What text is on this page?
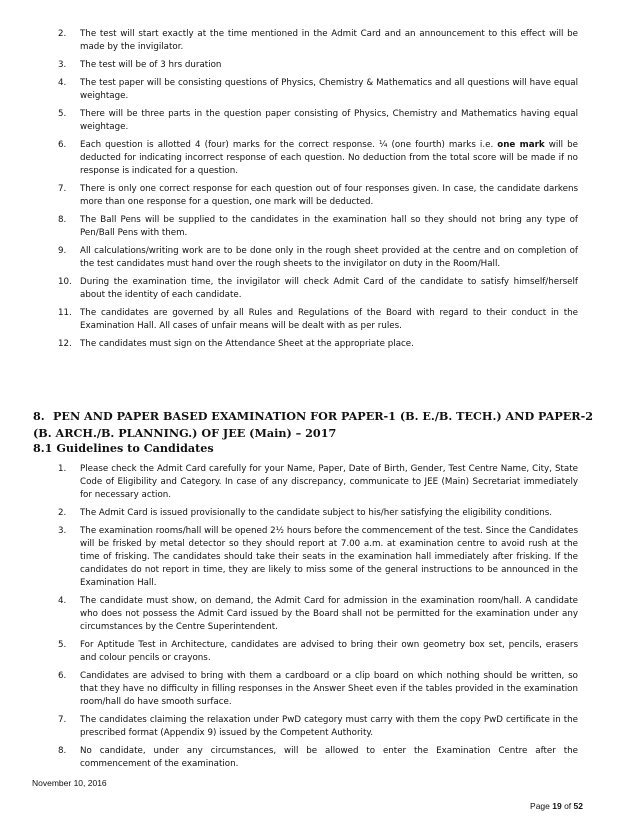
2.	The test will start exactly at the time mentioned in the Admit Card and an announcement to this effect will be made by the invigilator.
3.	The test will be of 3 hrs duration
4.	The test paper will be consisting questions of Physics, Chemistry & Mathematics and all questions will have equal weightage.
5.	There will be three parts in the question paper consisting of Physics, Chemistry and Mathematics having equal weightage.
6.	Each question is allotted 4 (four) marks for the correct response. ¼ (one fourth) marks i.e. one mark will be deducted for indicating incorrect response of each question. No deduction from the total score will be made if no response is indicated for a question.
7.	There is only one correct response for each question out of four responses given. In case, the candidate darkens more than one response for a question, one mark will be deducted.
8.	The Ball Pens will be supplied to the candidates in the examination hall so they should not bring any type of Pen/Ball Pens with them.
9.	All calculations/writing work are to be done only in the rough sheet provided at the centre and on completion of the test candidates must hand over the rough sheets to the invigilator on duty in the Room/Hall.
10. During the examination time, the invigilator will check Admit Card of the candidate to satisfy himself/herself about the identity of each candidate.
11. The candidates are governed by all Rules and Regulations of the Board with regard to their conduct in the Examination Hall. All cases of unfair means will be dealt with as per rules.
12. The candidates must sign on the Attendance Sheet at the appropriate place.
8. PEN AND PAPER BASED EXAMINATION FOR PAPER-1 (B. E./B. TECH.) AND PAPER-2 (B. ARCH./B. PLANNING.) OF JEE (Main) – 2017
8.1 Guidelines to Candidates
1.	Please check the Admit Card carefully for your Name, Paper, Date of Birth, Gender, Test Centre Name, City, State Code of Eligibility and Category. In case of any discrepancy, communicate to JEE (Main) Secretariat immediately for necessary action.
2.	The Admit Card is issued provisionally to the candidate subject to his/her satisfying the eligibility conditions.
3.	The examination rooms/hall will be opened 2½ hours before the commencement of the test. Since the Candidates will be frisked by metal detector so they should report at 7.00 a.m. at examination centre to avoid rush at the time of frisking. The candidates should take their seats in the examination hall immediately after frisking. If the candidates do not report in time, they are likely to miss some of the general instructions to be announced in the Examination Hall.
4.	The candidate must show, on demand, the Admit Card for admission in the examination room/hall. A candidate who does not possess the Admit Card issued by the Board shall not be permitted for the examination under any circumstances by the Centre Superintendent.
5.	For Aptitude Test in Architecture, candidates are advised to bring their own geometry box set, pencils, erasers and colour pencils or crayons.
6.	Candidates are advised to bring with them a cardboard or a clip board on which nothing should be written, so that they have no difficulty in filling responses in the Answer Sheet even if the tables provided in the examination room/hall do have smooth surface.
7.	The candidates claiming the relaxation under PwD category must carry with them the copy PwD certificate in the prescribed format (Appendix 9) issued by the Competent Authority.
8.	No candidate, under any circumstances, will be allowed to enter the Examination Centre after the commencement of the examination.
November 10, 2016
Page 19 of 52
